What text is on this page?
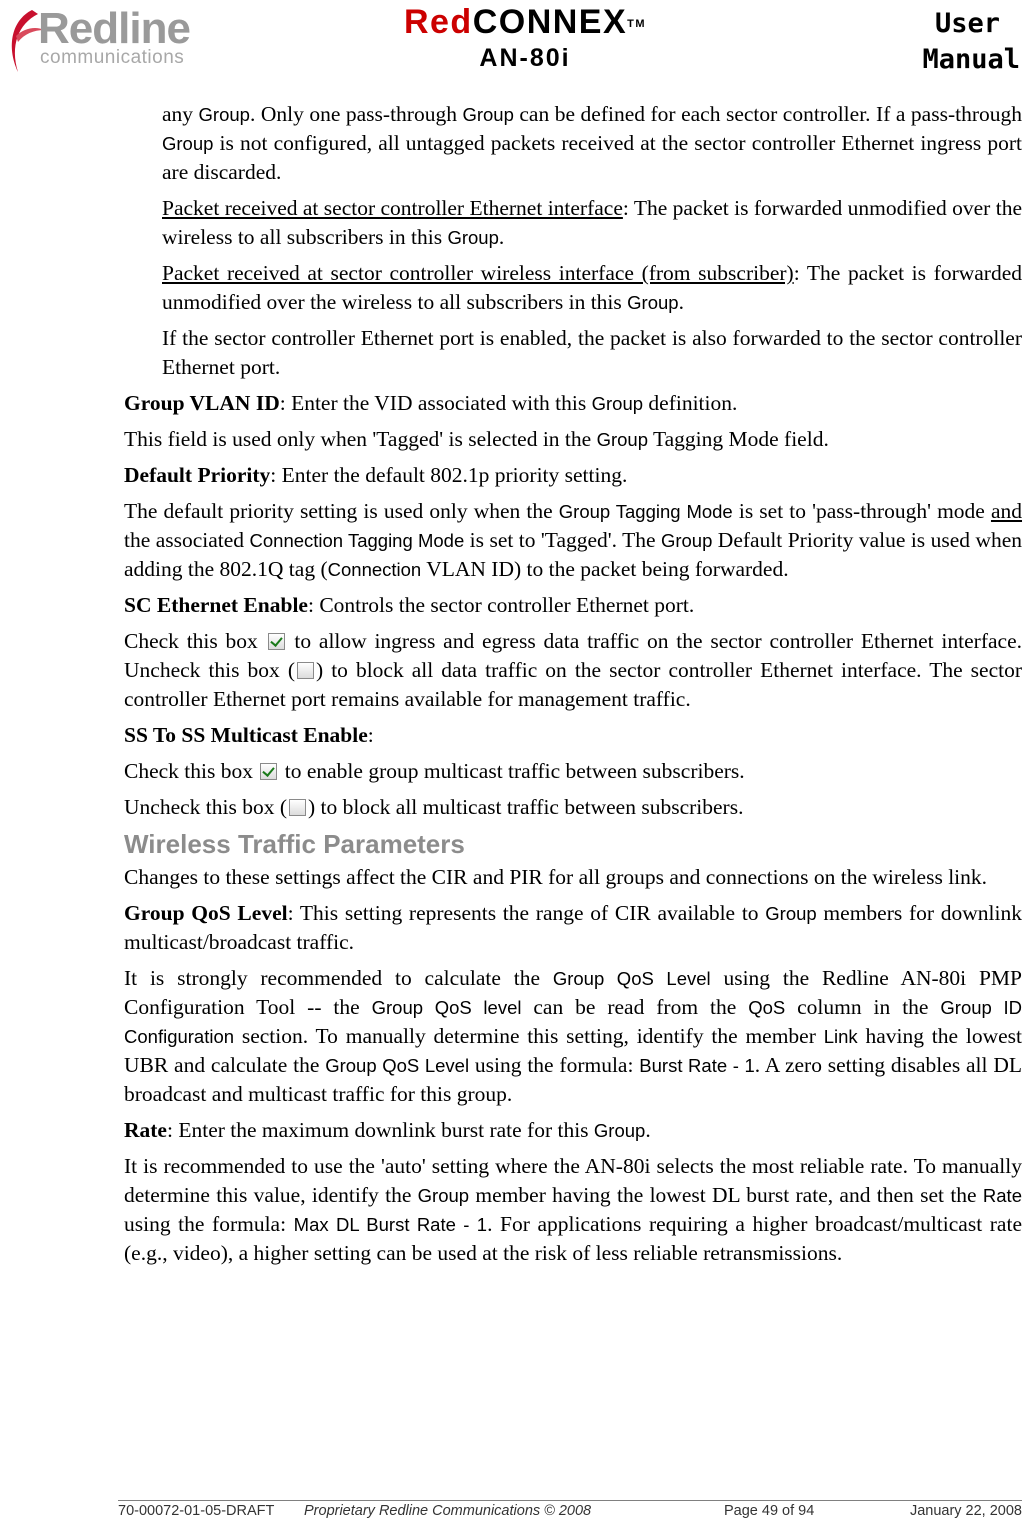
Redline
communications
RedCONNEX™
AN-80i
User
Manual

any Group. Only one pass-through Group can be defined for each sector controller. If a pass-through Group is not configured, all untagged packets received at the sector controller Ethernet ingress port are discarded.

Packet received at sector controller Ethernet interface: The packet is forwarded unmodified over the wireless to all subscribers in this Group.

Packet received at sector controller wireless interface (from subscriber): The packet is forwarded unmodified over the wireless to all subscribers in this Group.

If the sector controller Ethernet port is enabled, the packet is also forwarded to the sector controller Ethernet port.

Group VLAN ID: Enter the VID associated with this Group definition.

This field is used only when 'Tagged' is selected in the Group Tagging Mode field.

Default Priority: Enter the default 802.1p priority setting.

The default priority setting is used only when the Group Tagging Mode is set to 'pass-through' mode and the associated Connection Tagging Mode is set to 'Tagged'. The Group Default Priority value is used when adding the 802.1Q tag (Connection VLAN ID) to the packet being forwarded.

SC Ethernet Enable: Controls the sector controller Ethernet port.

Check this box  to allow ingress and egress data traffic on the sector controller Ethernet interface. Uncheck this box ( ) to block all data traffic on the sector controller Ethernet interface. The sector controller Ethernet port remains available for management traffic.

SS To SS Multicast Enable:

Check this box  to enable group multicast traffic between subscribers.

Uncheck this box ( ) to block all multicast traffic between subscribers.

Wireless Traffic Parameters

Changes to these settings affect the CIR and PIR for all groups and connections on the wireless link.

Group QoS Level: This setting represents the range of CIR available to Group members for downlink multicast/broadcast traffic.

It is strongly recommended to calculate the Group QoS Level using the Redline AN-80i PMP Configuration Tool -- the Group QoS level can be read from the QoS column in the Group ID Configuration section. To manually determine this setting, identify the member Link having the lowest UBR and calculate the Group QoS Level using the formula: Burst Rate - 1. A zero setting disables all DL broadcast and multicast traffic for this group.

Rate: Enter the maximum downlink burst rate for this Group.

It is recommended to use the 'auto' setting where the AN-80i selects the most reliable rate. To manually determine this value, identify the Group member having the lowest DL burst rate, and then set the Rate using the formula: Max DL Burst Rate - 1. For applications requiring a higher broadcast/multicast rate (e.g., video), a higher setting can be used at the risk of less reliable retransmissions.

70-00072-01-05-DRAFT Proprietary Redline Communications © 2008	Page 49 of 94	January 22, 2008
